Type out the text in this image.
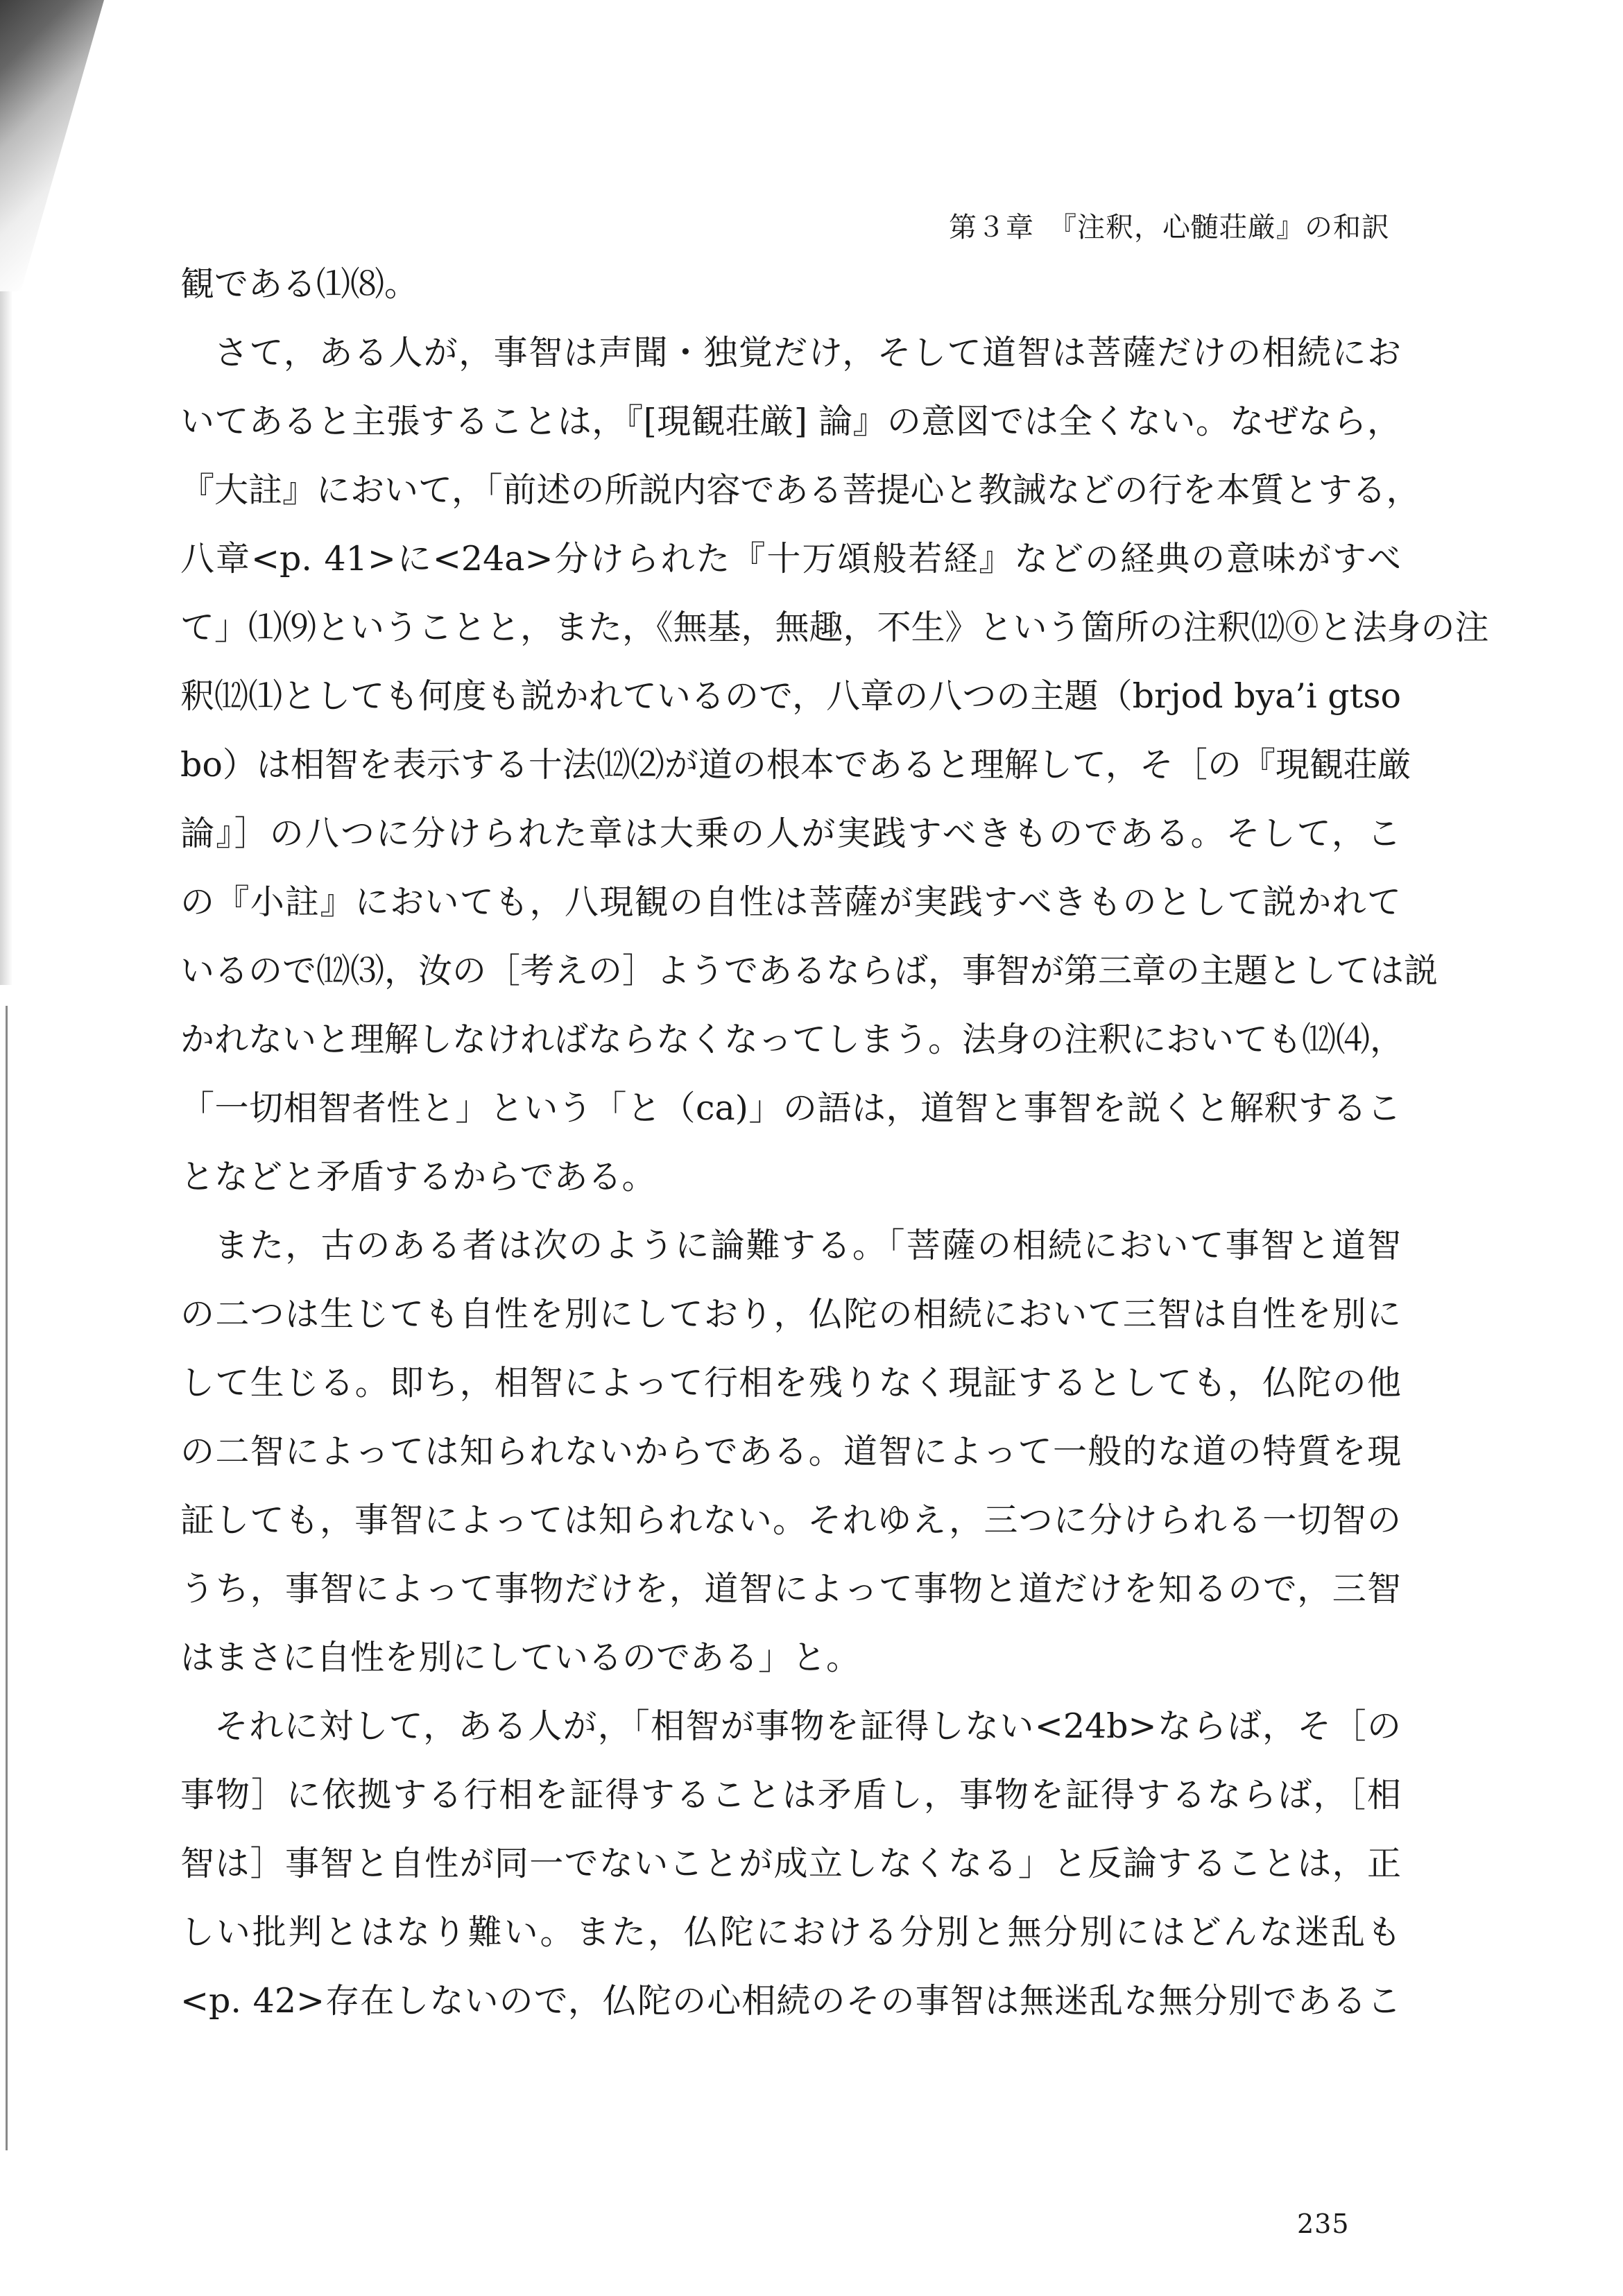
第３章　『注釈，心髄荘厳』の和訳
観である⑴⑻。
さて，ある人が，事智は声聞・独覚だけ，そして道智は菩薩だけの相続にお
いてあると主張することは，『[現観荘厳] 論』の意図では全くない。なぜなら，
『大註』において，「前述の所説内容である菩提心と教誡などの行を本質とする，
八章<p. 41>に<24a>分けられた『十万頌般若経』などの経典の意味がすべ
て」⑴⑼ということと，また，《無基，無趣，不生》という箇所の注釈⑿⓪と法身の注
釈⑿⑴としても何度も説かれているので，八章の八つの主題（brjod bya’i gtso
bo）は相智を表示する十法⑿⑵が道の根本であると理解して，そ［の『現観荘厳
論』］の八つに分けられた章は大乗の人が実践すべきものである。そして，こ
の『小註』においても，八現観の自性は菩薩が実践すべきものとして説かれて
いるので⑿⑶，汝の［考えの］ようであるならば，事智が第三章の主題としては説
かれないと理解しなければならなくなってしまう。法身の注釈においても⑿⑷，
「一切相智者性と」という「と（ca)」の語は，道智と事智を説くと解釈するこ
となどと矛盾するからである。
また，古のある者は次のように論難する。「菩薩の相続において事智と道智
の二つは生じても自性を別にしており，仏陀の相続において三智は自性を別に
して生じる。即ち，相智によって行相を残りなく現証するとしても，仏陀の他
の二智によっては知られないからである。道智によって一般的な道の特質を現
証しても，事智によっては知られない。それゆえ，三つに分けられる一切智の
うち，事智によって事物だけを，道智によって事物と道だけを知るので，三智
はまさに自性を別にしているのである」と。
それに対して，ある人が，「相智が事物を証得しない<24b>ならば，そ［の
事物］に依拠する行相を証得することは矛盾し，事物を証得するならば，［相
智は］事智と自性が同一でないことが成立しなくなる」と反論することは，正
しい批判とはなり難い。また，仏陀における分別と無分別にはどんな迷乱も
<p. 42>存在しないので，仏陀の心相続のその事智は無迷乱な無分別であるこ
235
